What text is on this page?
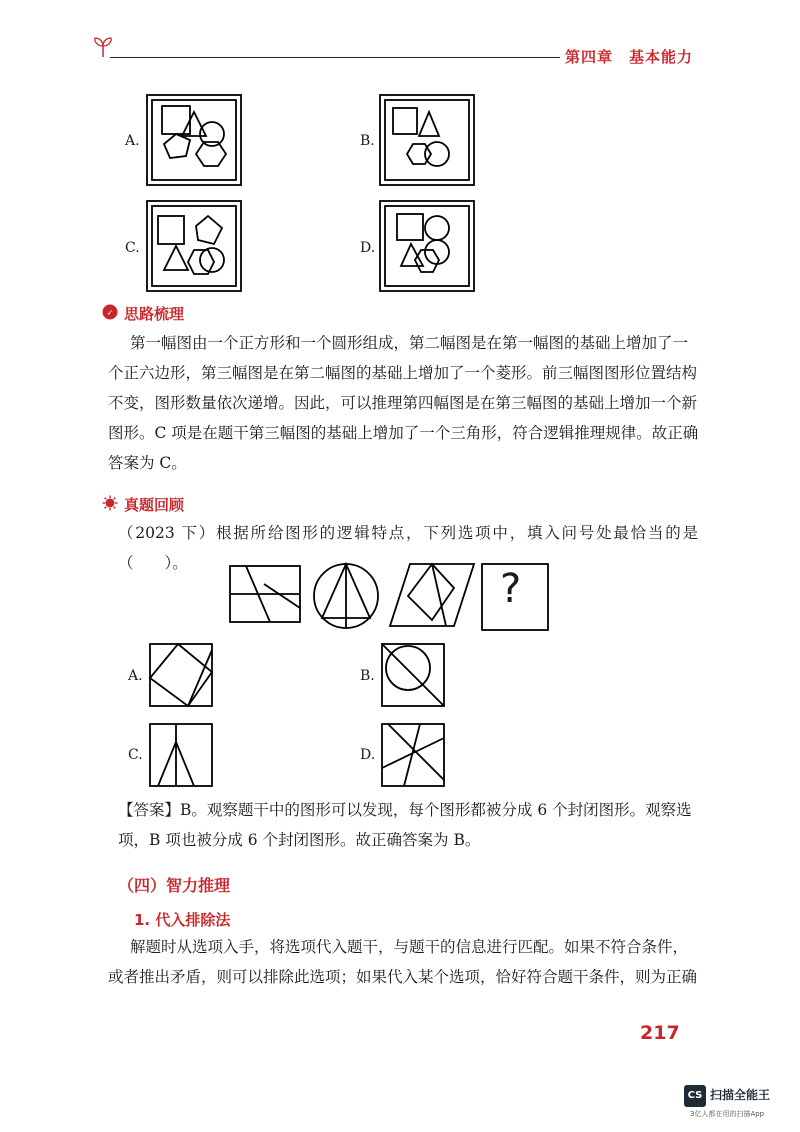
第四章　基本能力
A.	B.
C.	D.
✓ 思路梳理
第一幅图由一个正方形和一个圆形组成，第二幅图是在第一幅图的基础上增加了一
个正六边形，第三幅图是在第二幅图的基础上增加了一个菱形。前三幅图图形位置结构
不变，图形数量依次递增。因此，可以推理第四幅图是在第三幅图的基础上增加一个新
图形。C 项是在题干第三幅图的基础上增加了一个三角形，符合逻辑推理规律。故正确
答案为 C。
真题回顾
（2023 下）根据所给图形的逻辑特点，下列选项中，填入问号处最恰当的是（　　）。
?
A.	B.
C.	D.
【答案】B。观察题干中的图形可以发现，每个图形都被分成 6 个封闭图形。观察选
项，B 项也被分成 6 个封闭图形。故正确答案为 B。
（四）智力推理
1. 代入排除法
解题时从选项入手，将选项代入题干，与题干的信息进行匹配。如果不符合条件，
或者推出矛盾，则可以排除此选项；如果代入某个选项，恰好符合题干条件，则为正确
217
CS 扫描全能王
3亿人都在用的扫描App
